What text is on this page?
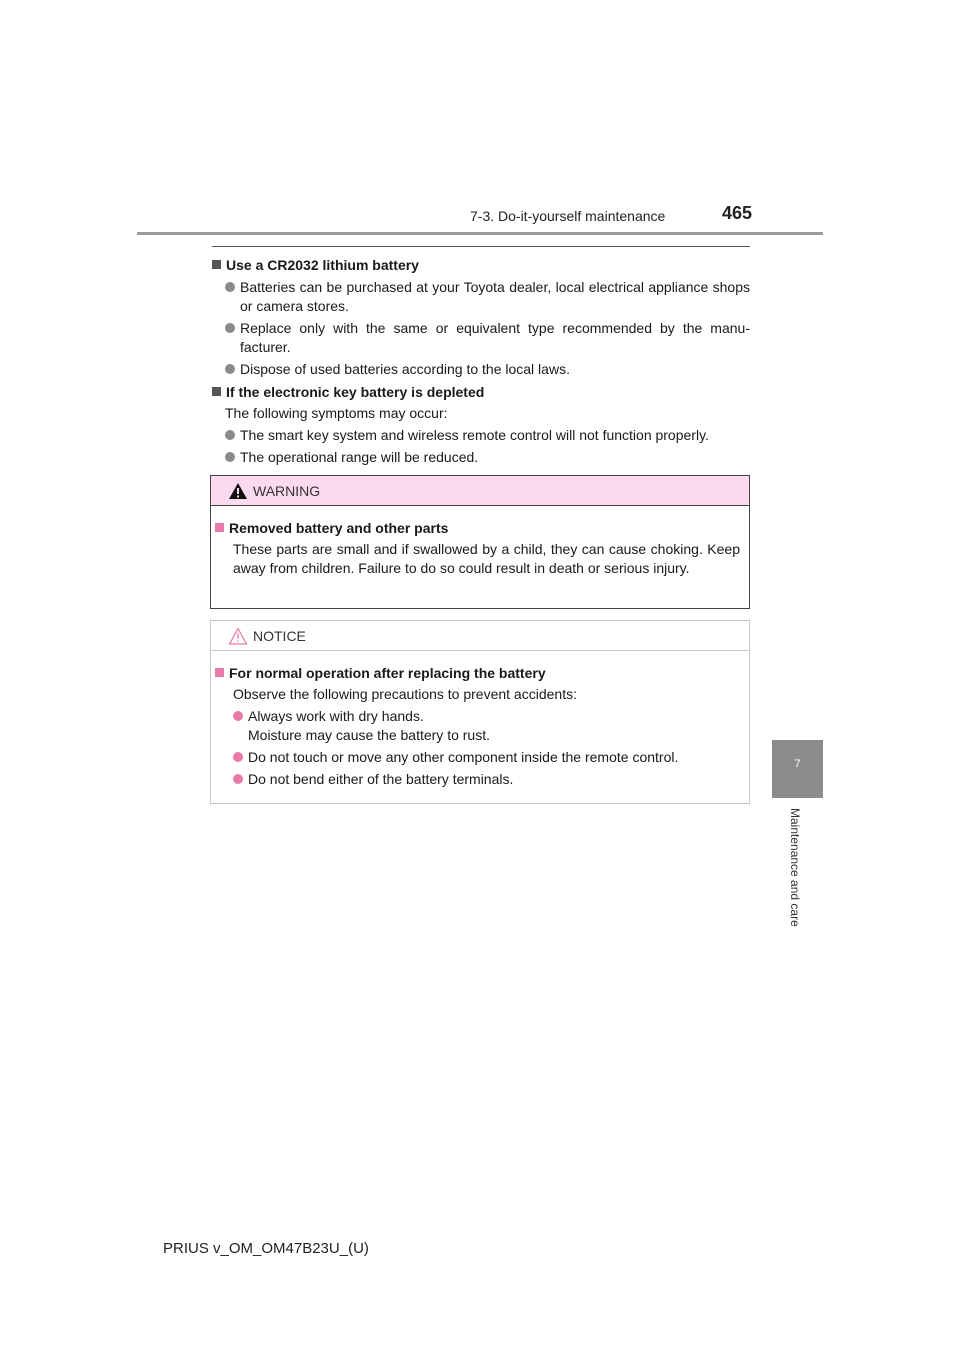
7-3. Do-it-yourself maintenance	465
7
Maintenance and care
Use a CR2032 lithium battery
Batteries can be purchased at your Toyota dealer, local electrical appliance shops or camera stores.
Replace only with the same or equivalent type recommended by the manu-facturer.
Dispose of used batteries according to the local laws.
If the electronic key battery is depleted
The following symptoms may occur:
The smart key system and wireless remote control will not function properly.
The operational range will be reduced.
WARNING
Removed battery and other parts
These parts are small and if swallowed by a child, they can cause choking. Keep away from children. Failure to do so could result in death or serious injury.
NOTICE
For normal operation after replacing the battery
Observe the following precautions to prevent accidents:
Always work with dry hands.
Moisture may cause the battery to rust.
Do not touch or move any other component inside the remote control.
Do not bend either of the battery terminals.
PRIUS v_OM_OM47B23U_(U)
